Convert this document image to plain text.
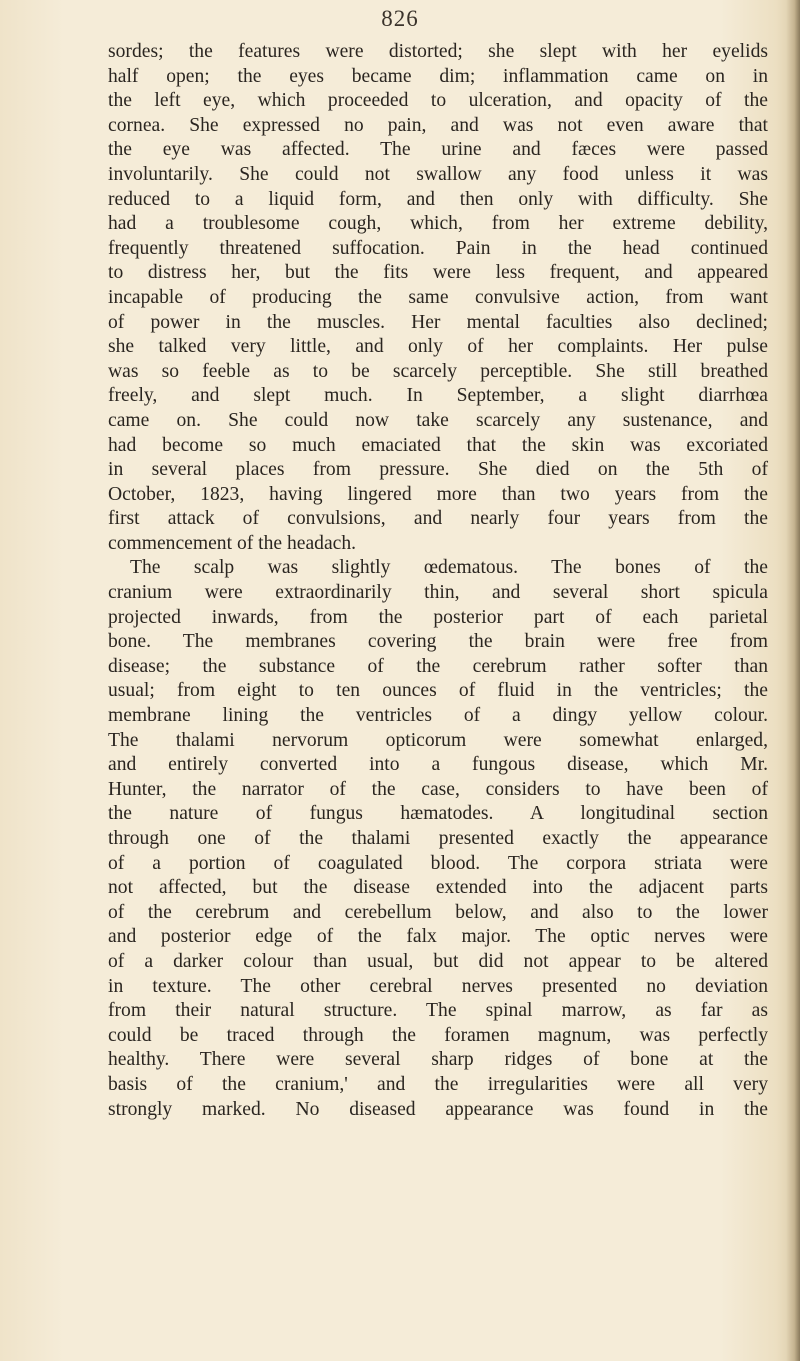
826
sordes; the features were distorted; she slept with her eyelids
half open; the eyes became dim; inflammation came on in
the left eye, which proceeded to ulceration, and opacity of the
cornea. She expressed no pain, and was not even aware that
the eye was affected. The urine and fæces were passed
involuntarily. She could not swallow any food unless it was
reduced to a liquid form, and then only with difficulty. She
had a troublesome cough, which, from her extreme debility,
frequently threatened suffocation. Pain in the head continued
to distress her, but the fits were less frequent, and appeared
incapable of producing the same convulsive action, from want
of power in the muscles. Her mental faculties also declined;
she talked very little, and only of her complaints. Her pulse
was so feeble as to be scarcely perceptible. She still breathed
freely, and slept much. In September, a slight diarrhœa
came on. She could now take scarcely any sustenance, and
had become so much emaciated that the skin was excoriated
in several places from pressure. She died on the 5th of
October, 1823, having lingered more than two years from the
first attack of convulsions, and nearly four years from the
commencement of the headach.
The scalp was slightly œdematous. The bones of the
cranium were extraordinarily thin, and several short spicula
projected inwards, from the posterior part of each parietal
bone. The membranes covering the brain were free from
disease; the substance of the cerebrum rather softer than
usual; from eight to ten ounces of fluid in the ventricles; the
membrane lining the ventricles of a dingy yellow colour.
The thalami nervorum opticorum were somewhat enlarged,
and entirely converted into a fungous disease, which Mr.
Hunter, the narrator of the case, considers to have been of
the nature of fungus hæmatodes. A longitudinal section
through one of the thalami presented exactly the appearance
of a portion of coagulated blood. The corpora striata were
not affected, but the disease extended into the adjacent parts
of the cerebrum and cerebellum below, and also to the lower
and posterior edge of the falx major. The optic nerves were
of a darker colour than usual, but did not appear to be altered
in texture. The other cerebral nerves presented no deviation
from their natural structure. The spinal marrow, as far as
could be traced through the foramen magnum, was perfectly
healthy. There were several sharp ridges of bone at the
basis of the cranium,' and the irregularities were all very
strongly marked. No diseased appearance was found in the
